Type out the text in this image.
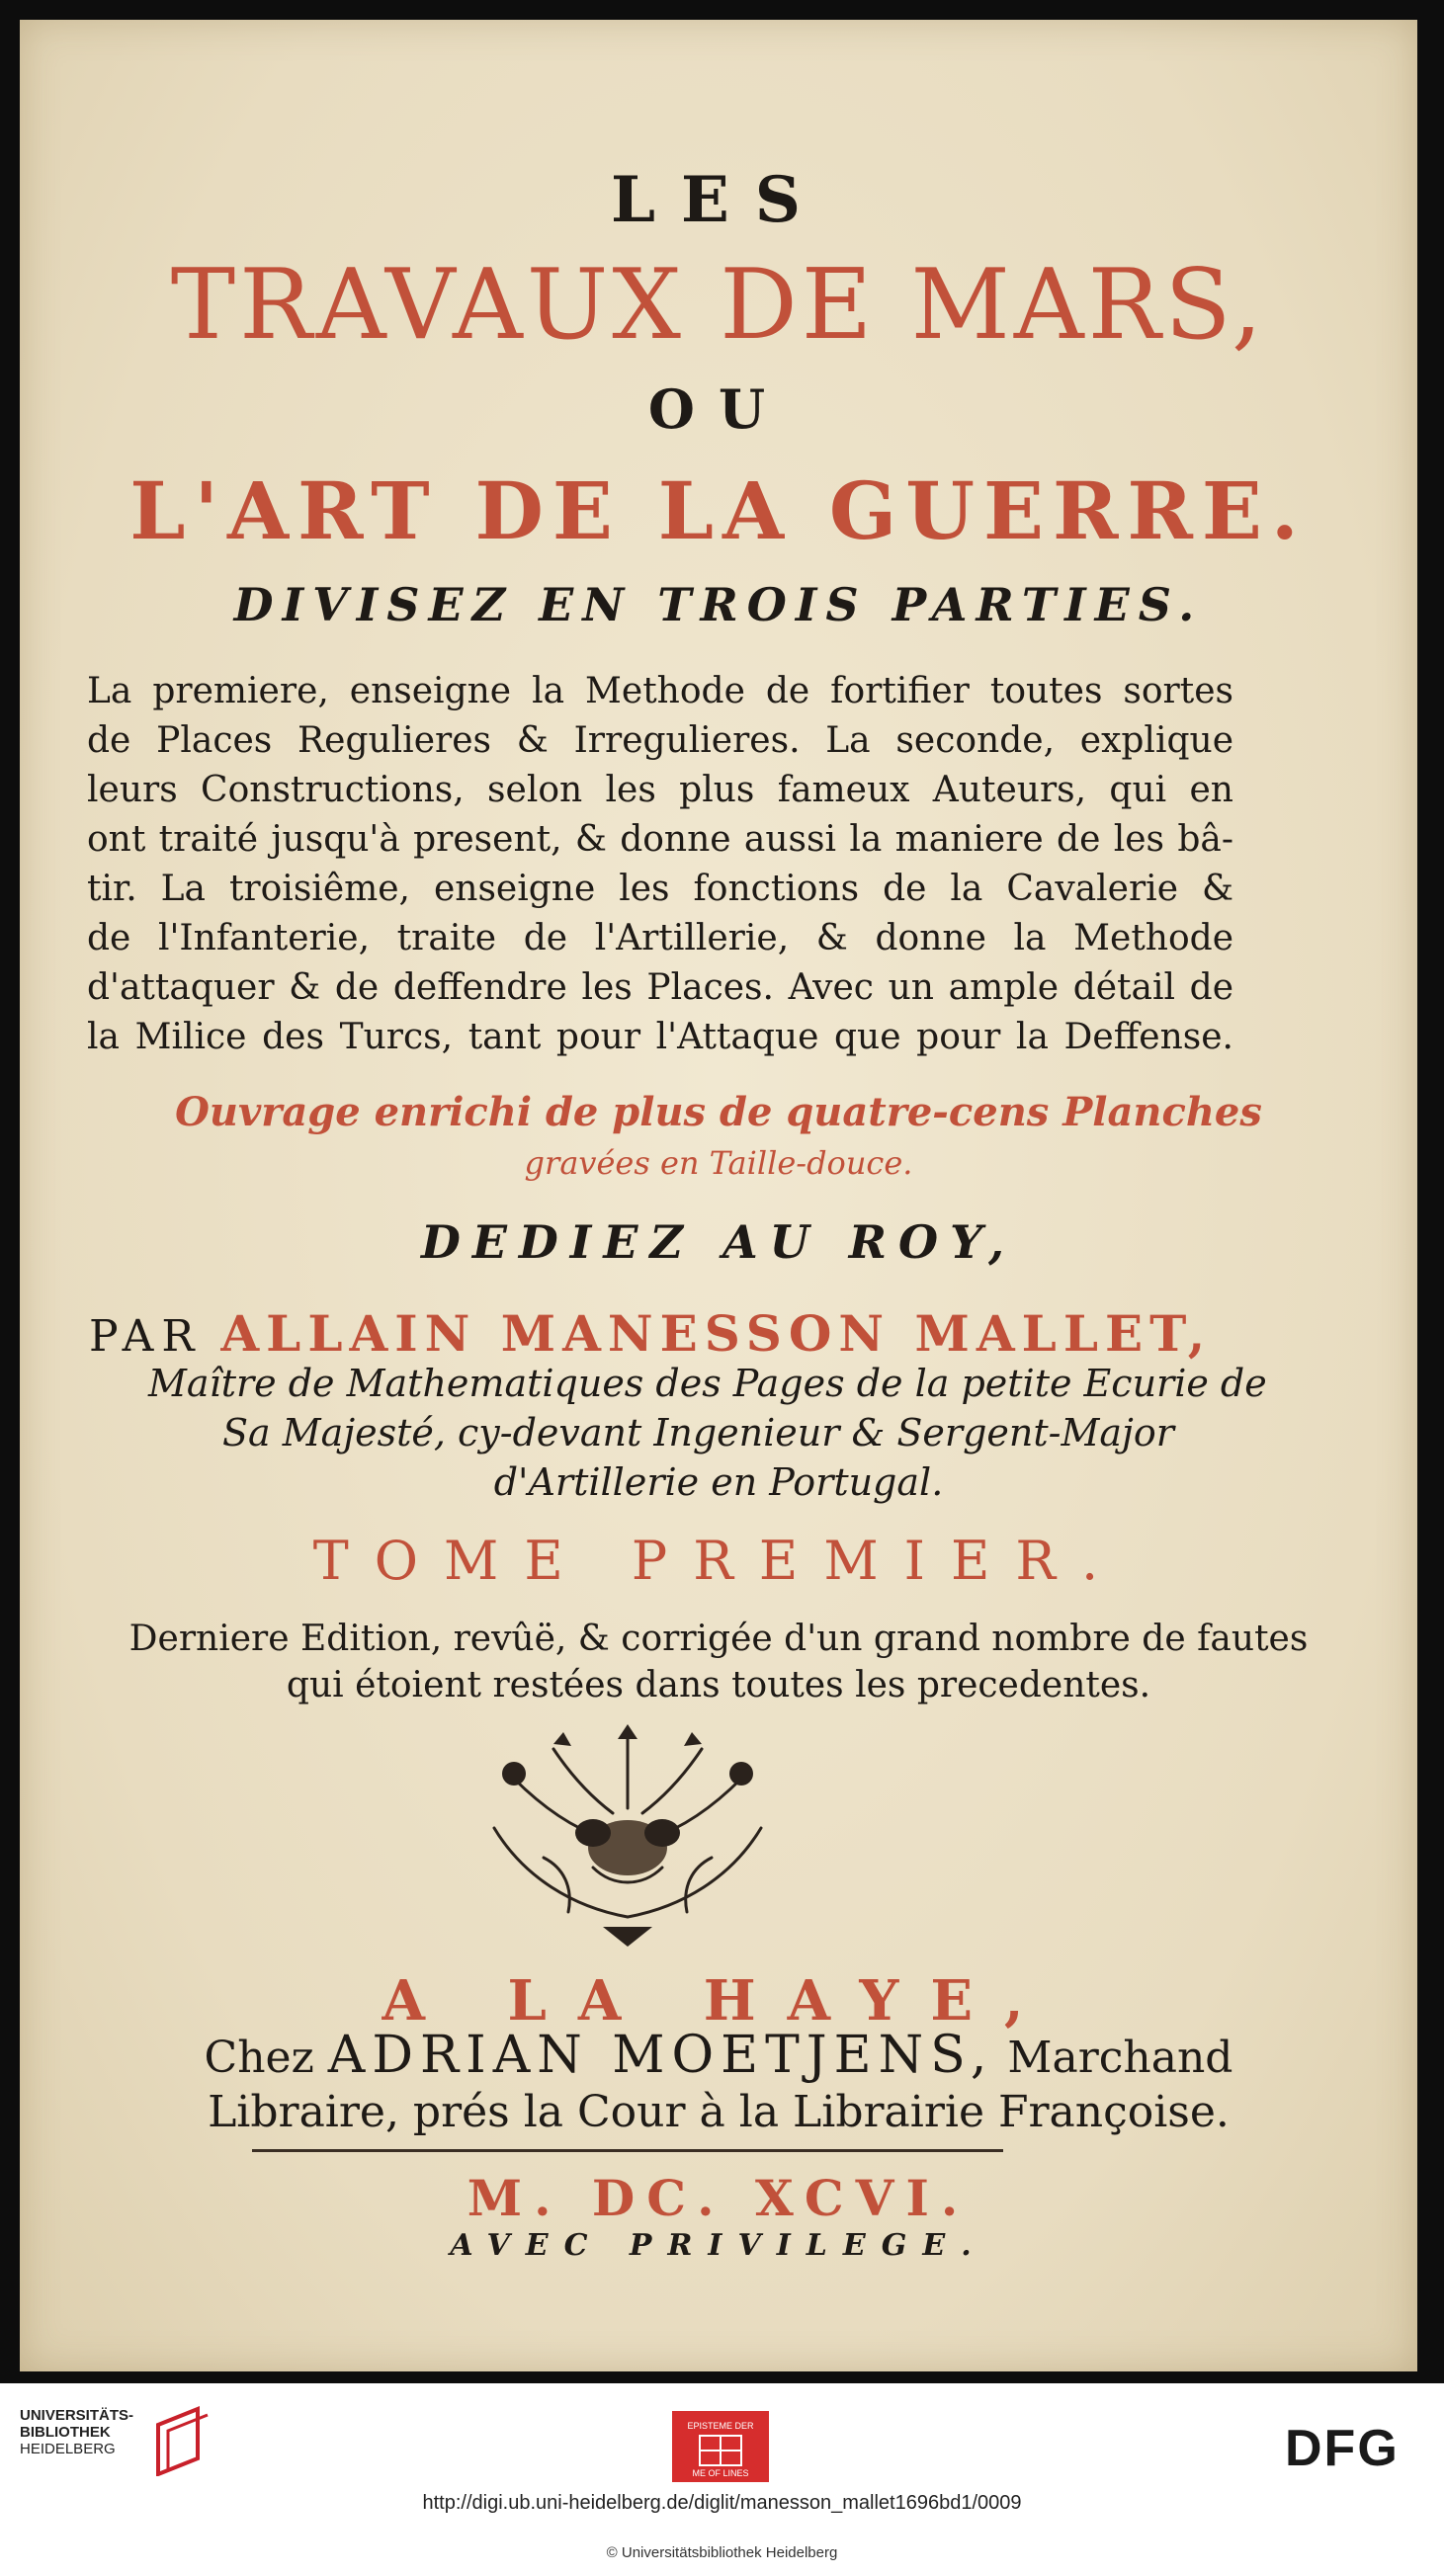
LES

TRAVAUX DE MARS,

OU

L'ART DE LA GUERRE.

DIVISEZ EN TROIS PARTIES.

La premiere, enseigne la Methode de fortifier toutes sortes
de Places Regulieres & Irregulieres. La seconde, explique
leurs Constructions, selon les plus fameux Auteurs, qui en
ont traité jusqu'à present, & donne aussi la maniere de les bâ-
tir. La troisiême, enseigne les fonctions de la Cavalerie &
de l'Infanterie, traite de l'Artillerie, & donne la Methode
d'attaquer & de deffendre les Places. Avec un ample détail de
la Milice des Turcs, tant pour l'Attaque que pour la Deffense.

Ouvrage enrichi de plus de quatre-cens Planches

gravées en Taille-douce.

DEDIEZ AU ROY,

PAR ALLAIN MANESSON MALLET,

Maître de Mathematiques des Pages de la petite Ecurie de

Sa Majesté, cy-devant Ingenieur & Sergent-Major

d'Artillerie en Portugal.

TOME PREMIER.

Derniere Edition, revûë, & corrigée d'un grand nombre de fautes

qui étoient restées dans toutes les precedentes.

A LA HAYE,

Chez ADRIAN MOETJENS, Marchand

Libraire, prés la Cour à la Librairie Françoise.

M. DC. XCVI.

AVEC PRIVILEGE.

UNIVERSITÄTS-
BIBLIOTHEK
HEIDELBERG
EPISTEME DER
ME OF LINES	DFG
http://digi.ub.uni-heidelberg.de/diglit/manesson_mallet1696bd1/0009
© Universitätsbibliothek Heidelberg
